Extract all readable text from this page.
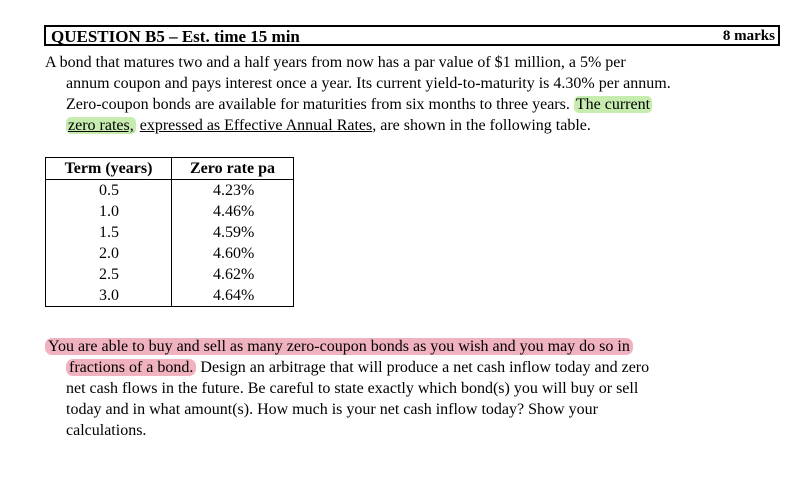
QUESTION B5 – Est. time 15 min	8 marks
A bond that matures two and a half years from now has a par value of $1 million, a 5% per
annum coupon and pays interest once a year. Its current yield-to-maturity is 4.30% per annum.
Zero-coupon bonds are available for maturities from six months to three years. The current
zero rates, expressed as Effective Annual Rates, are shown in the following table.
Term (years)	Zero rate pa
0.5	4.23%
1.0	4.46%
1.5	4.59%
2.0	4.60%
2.5	4.62%
3.0	4.64%
You are able to buy and sell as many zero-coupon bonds as you wish and you may do so in
fractions of a bond. Design an arbitrage that will produce a net cash inflow today and zero
net cash flows in the future. Be careful to state exactly which bond(s) you will buy or sell
today and in what amount(s). How much is your net cash inflow today? Show your
calculations.
